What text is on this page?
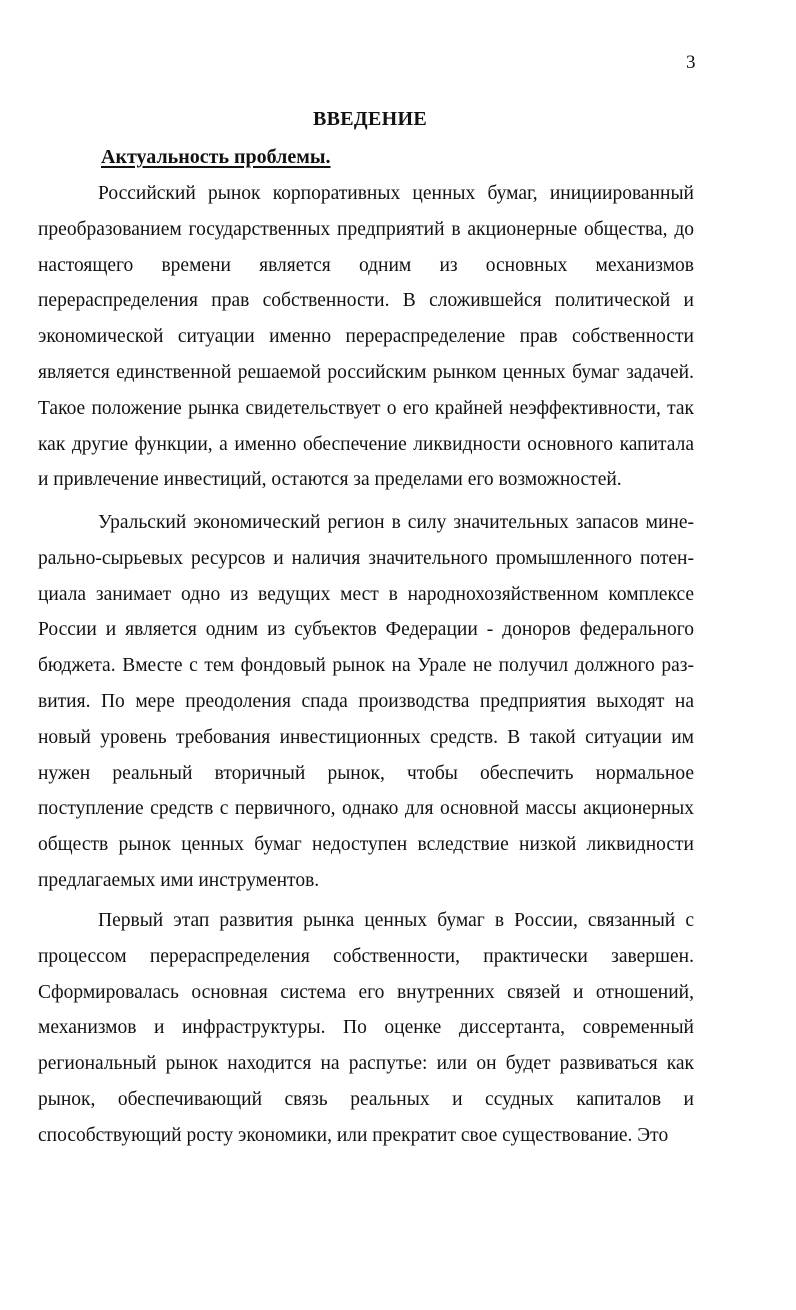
3
ВВЕДЕНИЕ
Актуальность проблемы.

Российский рынок корпоративных ценных бумаг, инициированный преобразованием государственных предприятий в акционерные общества, до настоящего времени является одним из основных механизмов перераспределения прав собственности. В сложившейся политической и экономической ситуации именно перераспределение прав собственности является единственной решаемой российским рынком ценных бумаг задачей. Такое положение рынка свидетельствует о его крайней неэффективности, так как другие функции, а именно обеспечение ликвидности основного капитала и привлечение инвестиций, остаются за пределами его возможностей.

Уральский экономический регион в силу значительных запасов минерально-сырьевых ресурсов и наличия значительного промышленного потенциала занимает одно из ведущих мест в народнохозяйственном комплексе России и является одним из субъектов Федерации - доноров федерального бюджета. Вместе с тем фондовый рынок на Урале не получил должного развития. По мере преодоления спада производства предприятия выходят на новый уровень требования инвестиционных средств. В такой ситуации им нужен реальный вторичный рынок, чтобы обеспечить нормальное поступление средств с первичного, однако для основной массы акционерных обществ рынок ценных бумаг недоступен вследствие низкой ликвидности предлагаемых ими инструментов.

Первый этап развития рынка ценных бумаг в России, связанный с процессом перераспределения собственности, практически завершен. Сформировалась основная система его внутренних связей и отношений, механизмов и инфраструктуры. По оценке диссертанта, современный региональный рынок находится на распутье: или он будет развиваться как рынок, обеспечивающий связь реальных и ссудных капиталов и способствующий росту экономики, или прекратит свое существование. Это
